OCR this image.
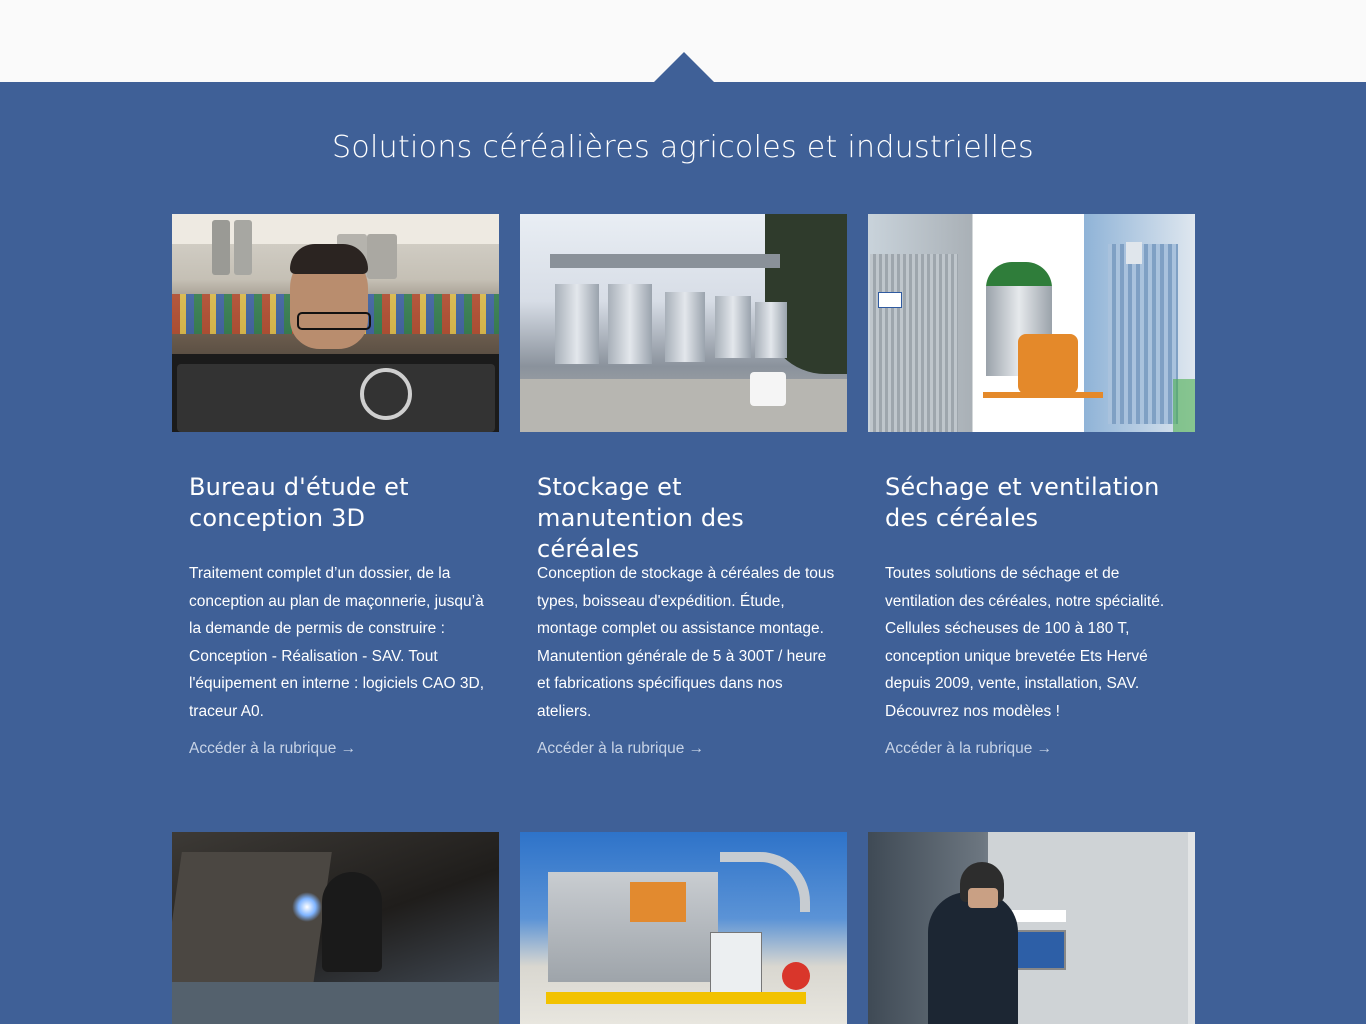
Solutions céréalières agricoles et industrielles
Bureau d'étude et conception 3D

Traitement complet d’un dossier, de la conception au plan de maçonnerie, jusqu’à la demande de permis de construire : Conception - Réalisation - SAV. Tout l'équipement en interne : logiciels CAO 3D, traceur A0.

Accéder à la rubrique →
Stockage et manutention des céréales

Conception de stockage à céréales de tous types, boisseau d'expédition. Étude, montage complet ou assistance montage. Manutention générale de 5 à 300T / heure et fabrications spécifiques dans nos ateliers.

Accéder à la rubrique →
Séchage et ventilation des céréales

Toutes solutions de séchage et de ventilation des céréales, notre spécialité. Cellules sécheuses de 100 à 180 T, conception unique brevetée Ets Hervé depuis 2009, vente, installation, SAV. Découvrez nos modèles !

Accéder à la rubrique →
